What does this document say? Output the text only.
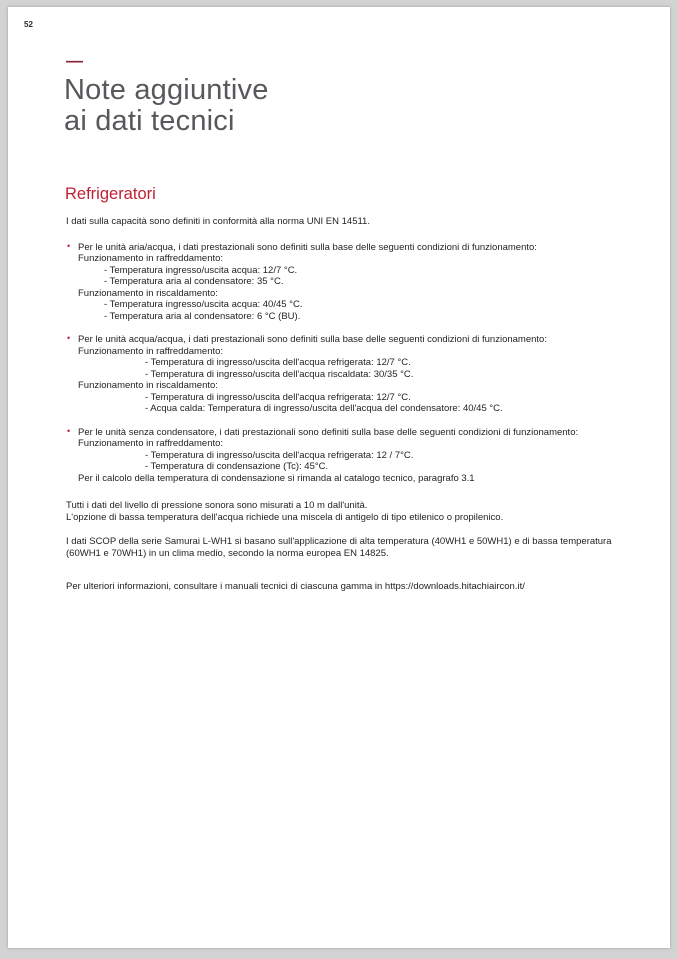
52
—
Note aggiuntive
ai dati tecnici
Refrigeratori

I dati sulla capacità sono definiti in conformità alla norma UNI EN 14511.

• Per le unità aria/acqua, i dati prestazionali sono definiti sulla base delle seguenti condizioni di funzionamento:
Funzionamento in raffreddamento:
- Temperatura ingresso/uscita acqua: 12/7 °C.
- Temperatura aria al condensatore: 35 °C.
Funzionamento in riscaldamento:
- Temperatura ingresso/uscita acqua: 40/45 °C.
- Temperatura aria al condensatore: 6 °C (BU).
• Per le unità acqua/acqua, i dati prestazionali sono definiti sulla base delle seguenti condizioni di funzionamento:
Funzionamento in raffreddamento:
- Temperatura di ingresso/uscita dell'acqua refrigerata: 12/7 °C.
- Temperatura di ingresso/uscita dell'acqua riscaldata: 30/35 °C.
Funzionamento in riscaldamento:
- Temperatura di ingresso/uscita dell'acqua refrigerata: 12/7 °C.
- Acqua calda: Temperatura di ingresso/uscita dell'acqua del condensatore: 40/45 °C.
• Per le unità senza condensatore, i dati prestazionali sono definiti sulla base delle seguenti condizioni di funzionamento:
Funzionamento in raffreddamento:
- Temperatura di ingresso/uscita dell'acqua refrigerata: 12 / 7°C.
- Temperatura di condensazione (Tc): 45°C.
Per il calcolo della temperatura di condensazione si rimanda al catalogo tecnico, paragrafo 3.1
Tutti i dati del livello di pressione sonora sono misurati a 10 m dall'unità.
L'opzione di bassa temperatura dell'acqua richiede una miscela di antigelo di tipo etilenico o propilenico.
I dati SCOP della serie Samurai L-WH1 si basano sull'applicazione di alta temperatura (40WH1 e 50WH1) e di bassa temperatura
(60WH1 e 70WH1) in un clima medio, secondo la norma europea EN 14825.
Per ulteriori informazioni, consultare i manuali tecnici di ciascuna gamma in https://downloads.hitachiaircon.it/
